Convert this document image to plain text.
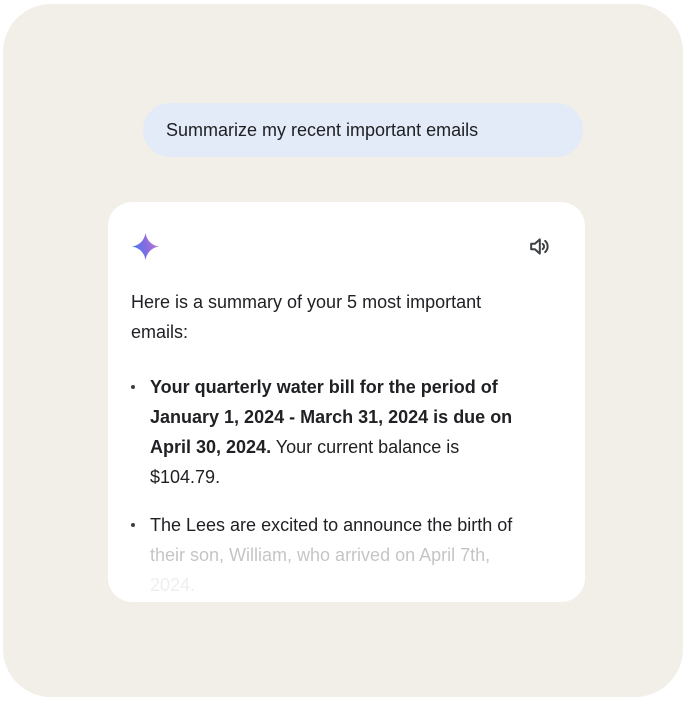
Summarize my recent important emails
Here is a summary of your 5 most important
emails:
Your quarterly water bill for the period of
January 1, 2024 - March 31, 2024 is due on
April 30, 2024. Your current balance is
$104.79.
The Lees are excited to announce the birth of
their son, William, who arrived on April 7th,
2024.
